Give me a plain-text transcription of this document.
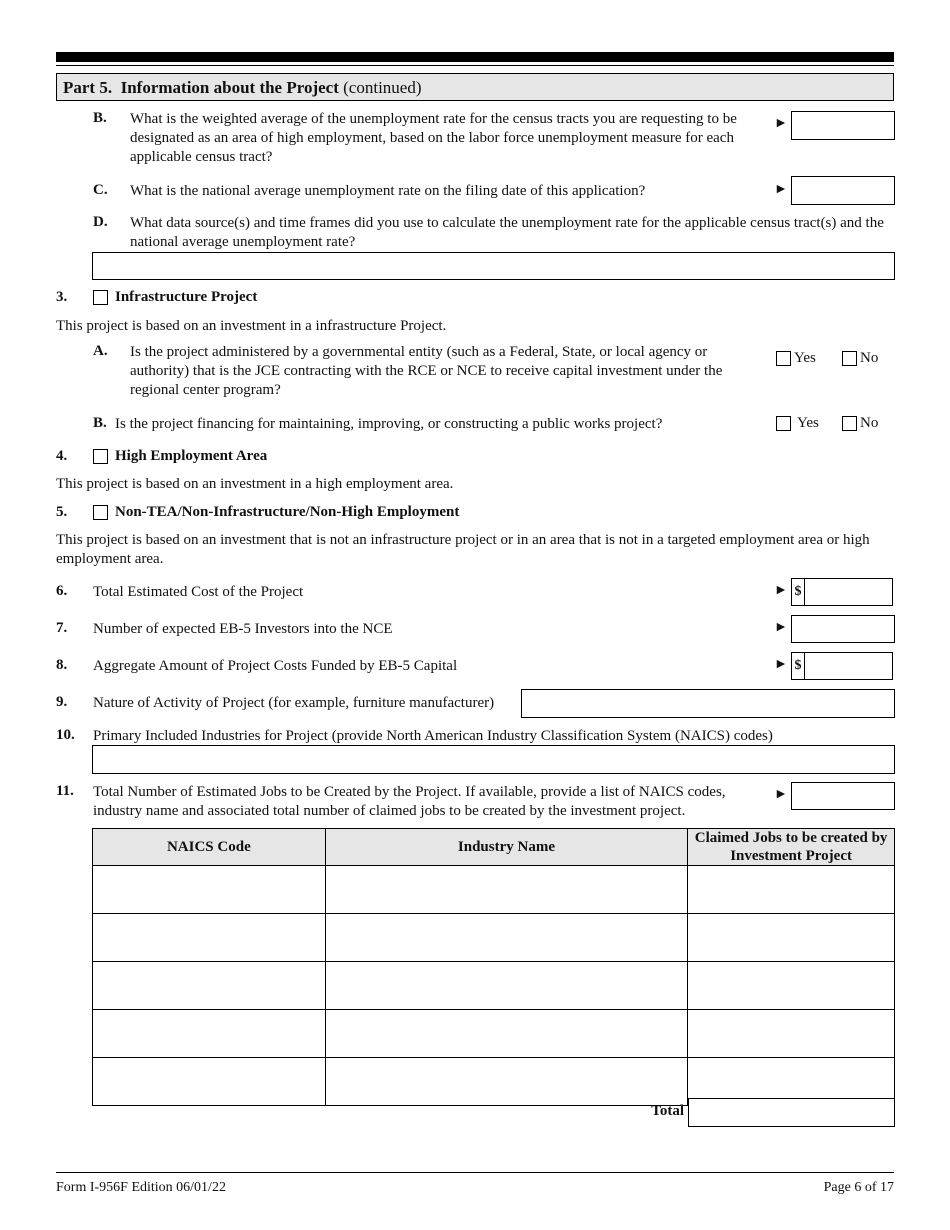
Part 5. Information about the Project (continued)
B. What is the weighted average of the unemployment rate for the census tracts you are requesting to be designated as an area of high employment, based on the labor force unemployment measure for each applicable census tract?
►
C. What is the national average unemployment rate on the filing date of this application?	►
D. What data source(s) and time frames did you use to calculate the unemployment rate for the applicable census tract(s) and the national average unemployment rate?
3.	Infrastructure Project
This project is based on an investment in a infrastructure Project.
A. Is the project administered by a governmental entity (such as a Federal, State, or local agency or authority) that is the JCE contracting with the RCE or NCE to receive capital investment under the regional center program?
Yes	No
B. Is the project financing for maintaining, improving, or constructing a public works project?	Yes	No
4.	High Employment Area
This project is based on an investment in a high employment area.
5.	Non-TEA/Non-Infrastructure/Non-High Employment
This project is based on an investment that is not an infrastructure project or in an area that is not in a targeted employment area or high employment area.
6. Total Estimated Cost of the Project	► $
7. Number of expected EB-5 Investors into the NCE	►
8. Aggregate Amount of Project Costs Funded by EB-5 Capital	► $
9. Nature of Activity of Project (for example, furniture manufacturer)
10. Primary Included Industries for Project (provide North American Industry Classification System (NAICS) codes)
11. Total Number of Estimated Jobs to be Created by the Project. If available, provide a list of NAICS codes, industry name and associated total number of claimed jobs to be created by the investment project.
►
NAICS Code	Industry Name	Claimed Jobs to be created by Investment Project

Total
Form I-956F Edition 06/01/22	Page 6 of 17
